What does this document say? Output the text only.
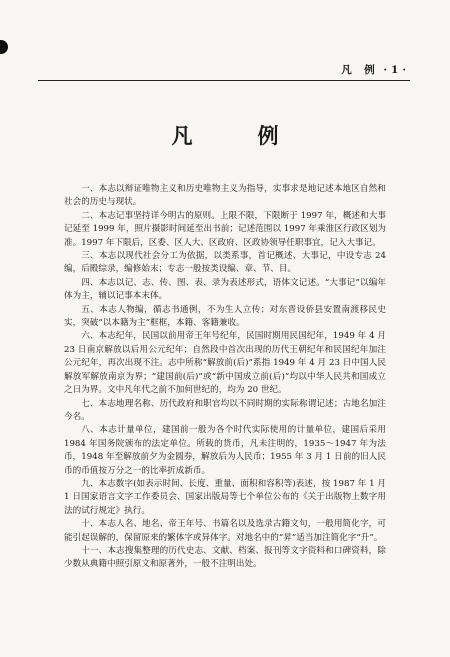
凡　例 · 1 ·
凡　例

一、本志以辩证唯物主义和历史唯物主义为指导，实事求是地记述本地区自然和社会的历史与现状。

二、本志记事坚持详今明古的原则。上限不限，下限断于 1997 年，概述和大事记延至 1999 年，照片摄影时间延至出书前；记述范围以 1997 年乘淮区行政区划为准。1997 年下限后，区委、区人大、区政府、区政协领导任职事宜，记入大事记。

三、本志以现代社会分工为依据，以类系事，首记概述、大事记，中设专志 24 编，后殿综录，编修始末；专志一般按类设编、章、节、目。

四、本志以记、志、传、图、表、录为表述形式，语体文记述。“大事记”以编年体为主，辅以记事本末体。

五、本志人物编，循志书通例，不为生人立传；对东晋设侨县安置南渡移民史实，突破“以本籍为主”框框，本籍、客籍兼收。

六、本志纪年，民国以前用帝王年号纪年，民国时期用民国纪年，1949 年 4 月 23 日南京解放以后用公元纪年；自然段中首次出现的历代王朝纪年和民国纪年加注公元纪年，再次出现不注。志中所称“解放前(后)”系指 1949 年 4 月 23 日中国人民解放军解放南京为界；“建国前(后)”或“新中国成立前(后)”均以中华人民共和国成立之日为界。文中凡年代之前不加何世纪的，均为 20 世纪。

七、本志地理名称、历代政府和职官均以不同时期的实际称谓记述；古地名加注今名。

八、本志计量单位，建国前一般为各个时代实际使用的计量单位，建国后采用 1984 年国务院颁布的法定单位。所载的货币，凡未注明的，1935～1947 年为法币，1948 年至解放前夕为金圆券，解放后为人民币；1955 年 3 月 1 日前的旧人民币的币值按万分之一的比率折成新币。

九、本志数字(如表示时间、长度、重量、面积和容积等)表述，按 1987 年 1 月 1 日国家语言文字工作委员会、国家出版局等七个单位公布的《关于出版物上数字用法的试行规定》执行。

十、本志人名、地名、帝王年号、书篇名以及选录古籍文句，一般用简化字，可能引起误解的，保留原来的繁体字或异体字。对地名中的“昇”适当加注简化字“升”。

十一、本志搜集整理的历代史志、文献、档案、报刊等文字资料和口碑资料，除少数从典籍中照引原文和原著外，一般不注明出处。
